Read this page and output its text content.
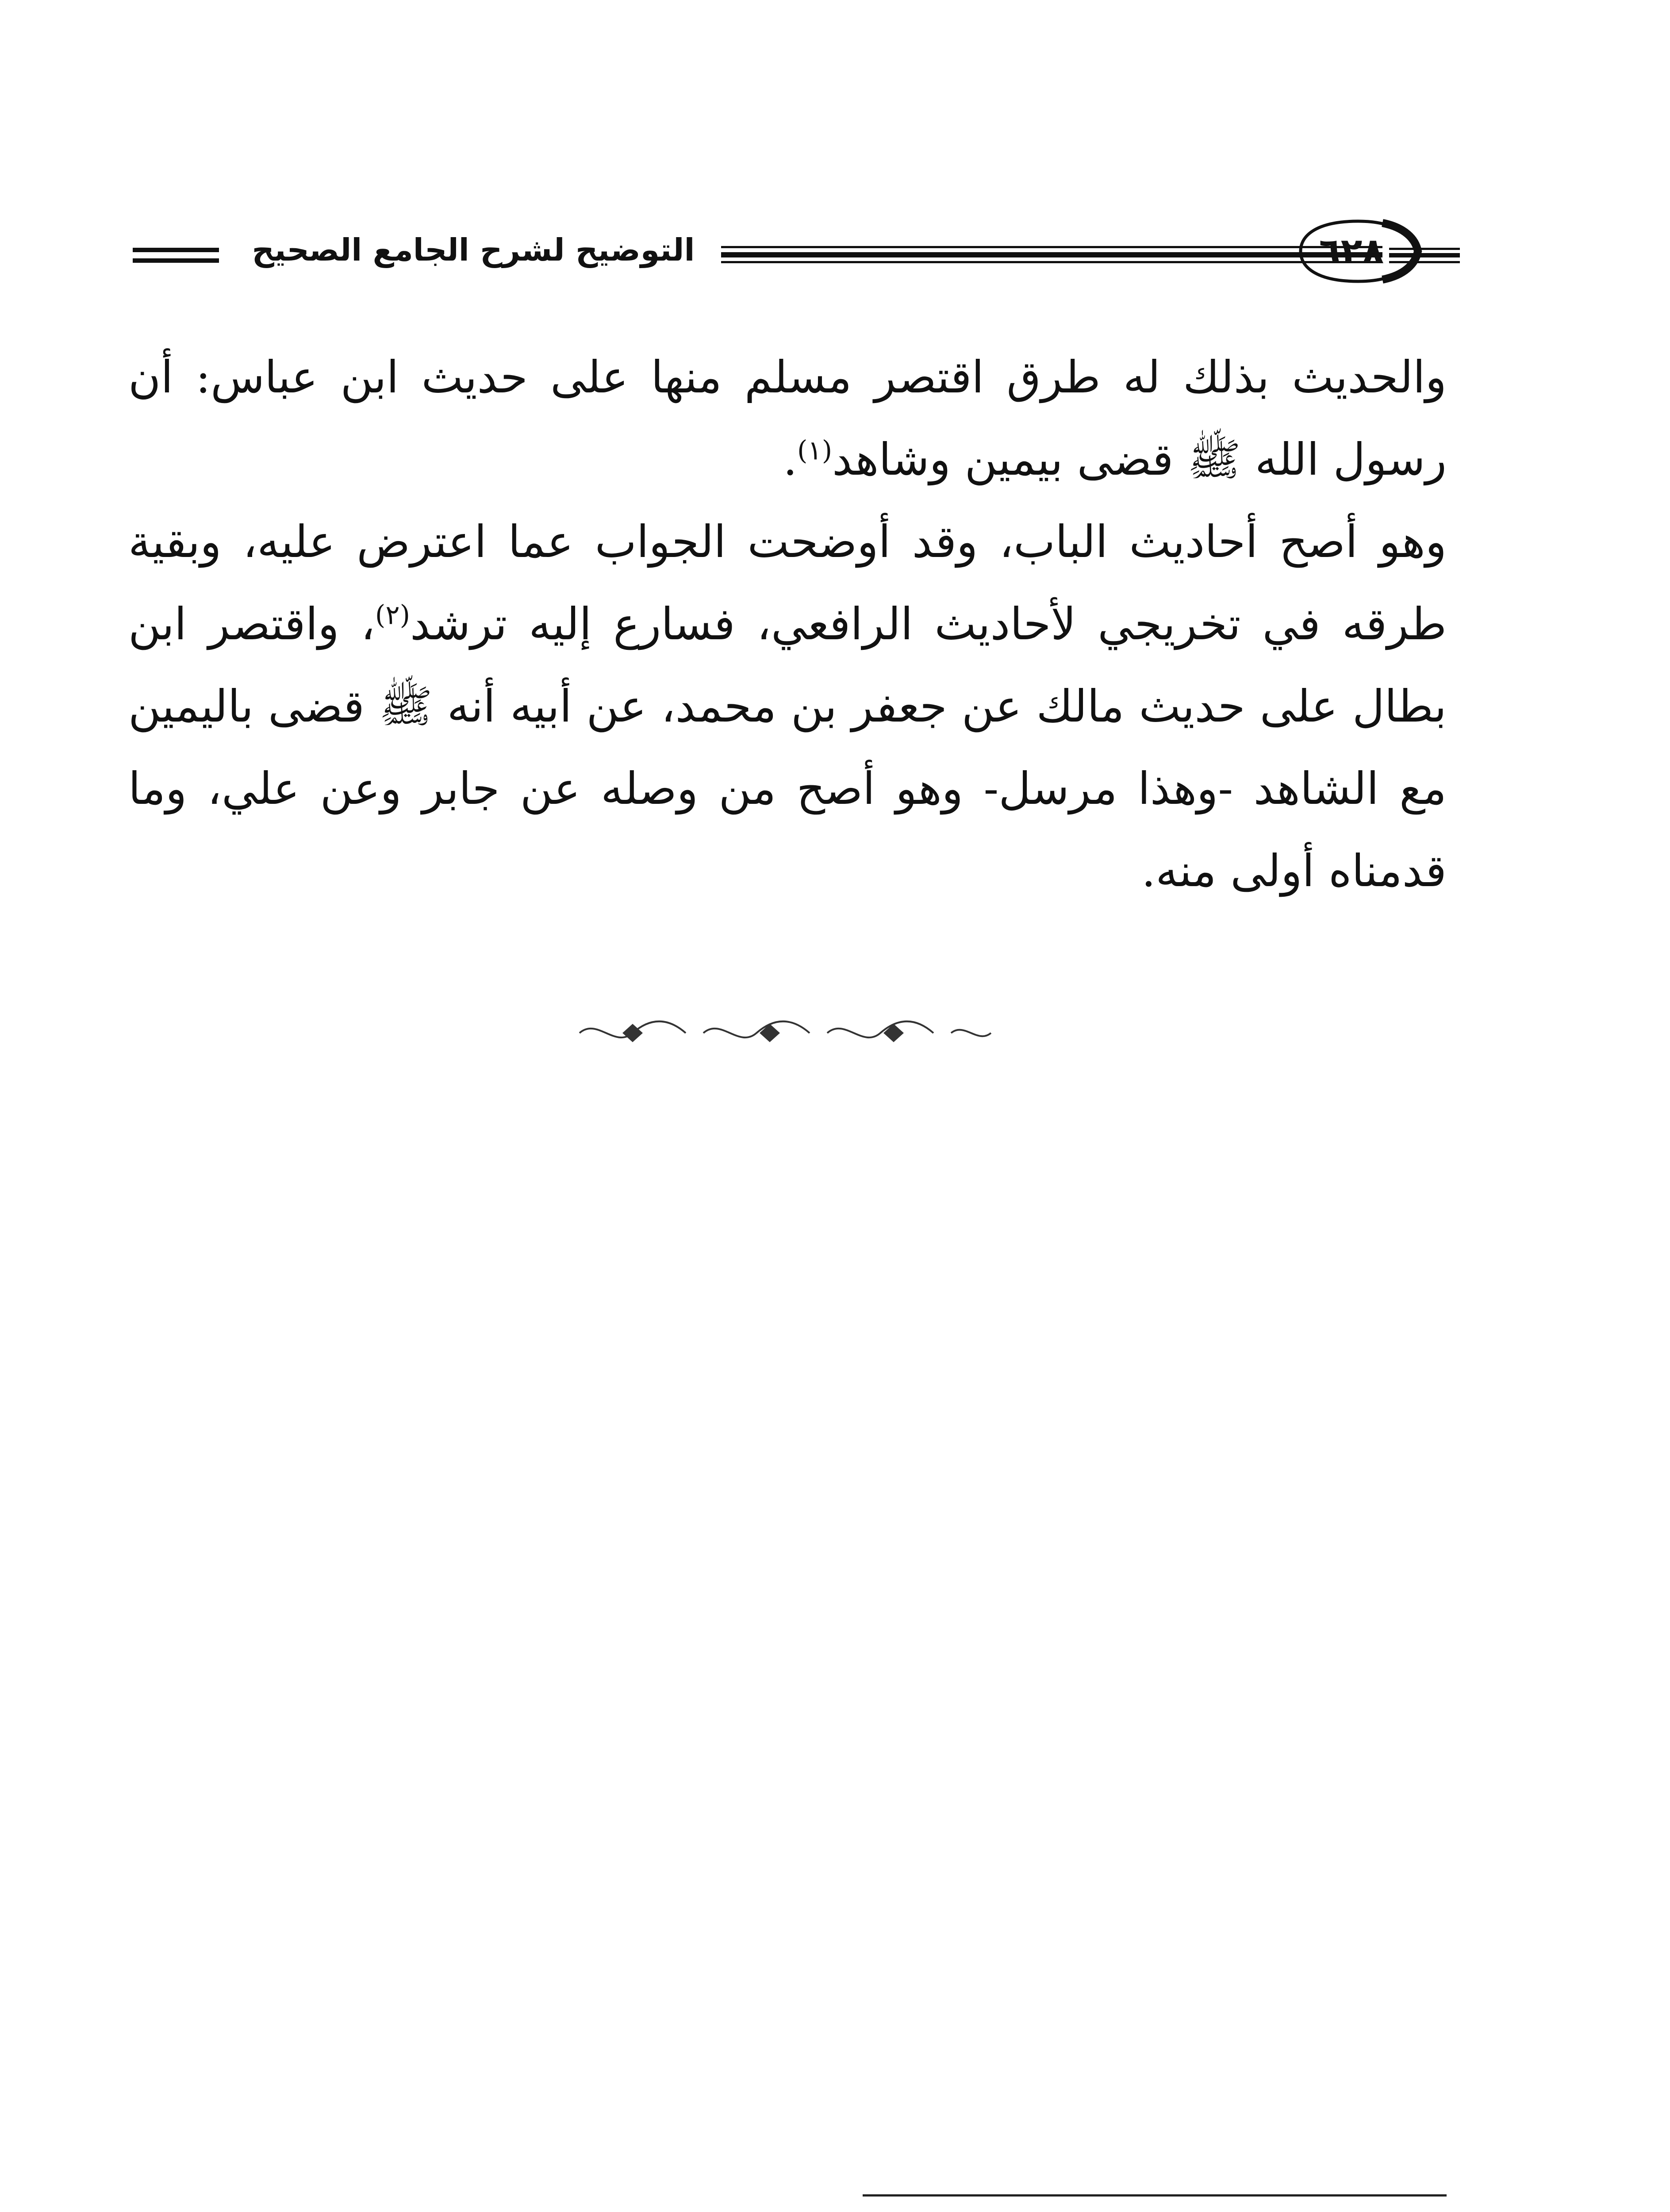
التوضيح لشرح الجامع الصحيح	٦٢٨

والحديث بذلك له طرق اقتصر مسلم منها على حديث ابن عباس: أن رسول الله ﷺ قضى بيمين وشاهد$^{(١)}$.

وهو أصح أحاديث الباب، وقد أوضحت الجواب عما اعترض عليه، وبقية طرقه في تخريجي لأحاديث الرافعي، فسارع إليه ترشد$^{(٢)}$، واقتصر ابن بطال على حديث مالك عن جعفر بن محمد، عن أبيه أنه ﷺ قضى باليمين مع الشاهد -وهذا مرسل- وهو أصح من وصله عن جابر وعن علي، وما قدمناه أولى منه.
